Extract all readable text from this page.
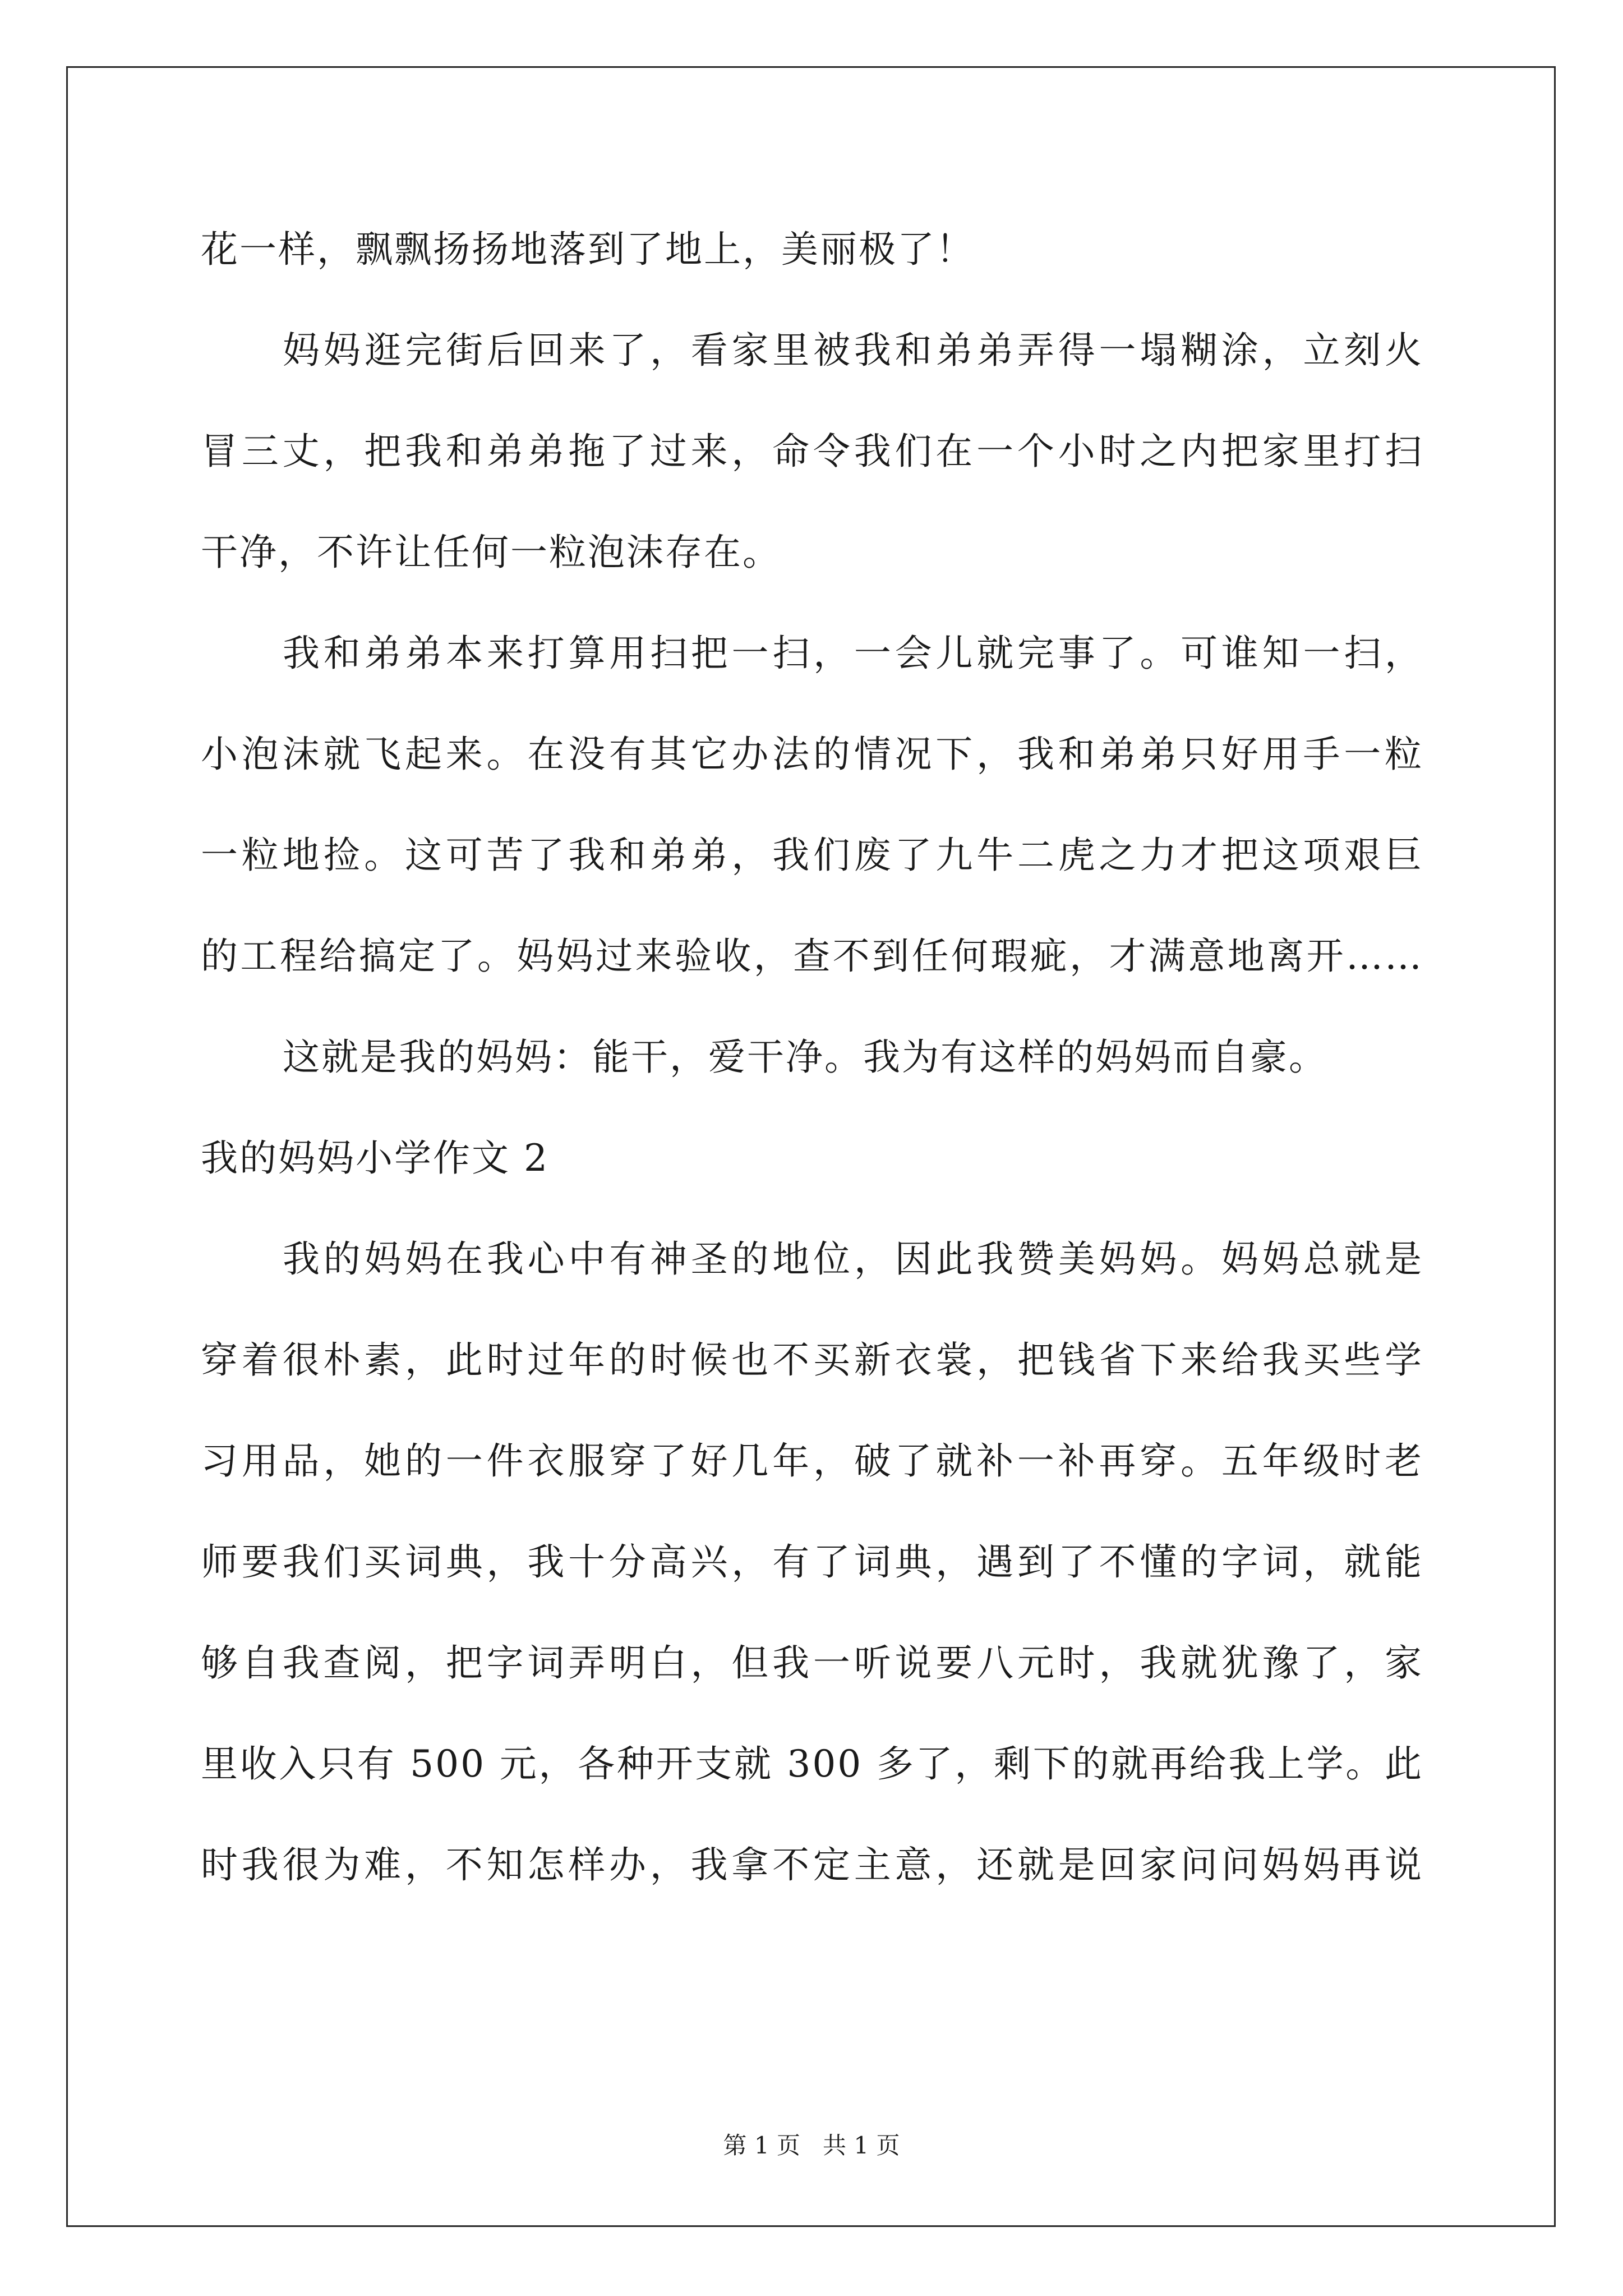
花一样，飘飘扬扬地落到了地上，美丽极了！
妈妈逛完街后回来了，看家里被我和弟弟弄得一塌糊涂，立刻火
冒三丈，把我和弟弟拖了过来，命令我们在一个小时之内把家里打扫
干净，不许让任何一粒泡沫存在。
我和弟弟本来打算用扫把一扫，一会儿就完事了。可谁知一扫，
小泡沫就飞起来。在没有其它办法的情况下，我和弟弟只好用手一粒
一粒地捡。这可苦了我和弟弟，我们废了九牛二虎之力才把这项艰巨
的工程给搞定了。妈妈过来验收，查不到任何瑕疵，才满意地离开……
这就是我的妈妈：能干，爱干净。我为有这样的妈妈而自豪。
我的妈妈小学作文 2
我的妈妈在我心中有神圣的地位，因此我赞美妈妈。妈妈总就是
穿着很朴素，此时过年的时候也不买新衣裳，把钱省下来给我买些学
习用品，她的一件衣服穿了好几年，破了就补一补再穿。五年级时老
师要我们买词典，我十分高兴，有了词典，遇到了不懂的字词，就能
够自我查阅，把字词弄明白，但我一听说要八元时，我就犹豫了，家
里收入只有 500 元，各种开支就 300 多了，剩下的就再给我上学。此
时我很为难，不知怎样办，我拿不定主意，还就是回家问问妈妈再说
第 1 页   共 1 页
